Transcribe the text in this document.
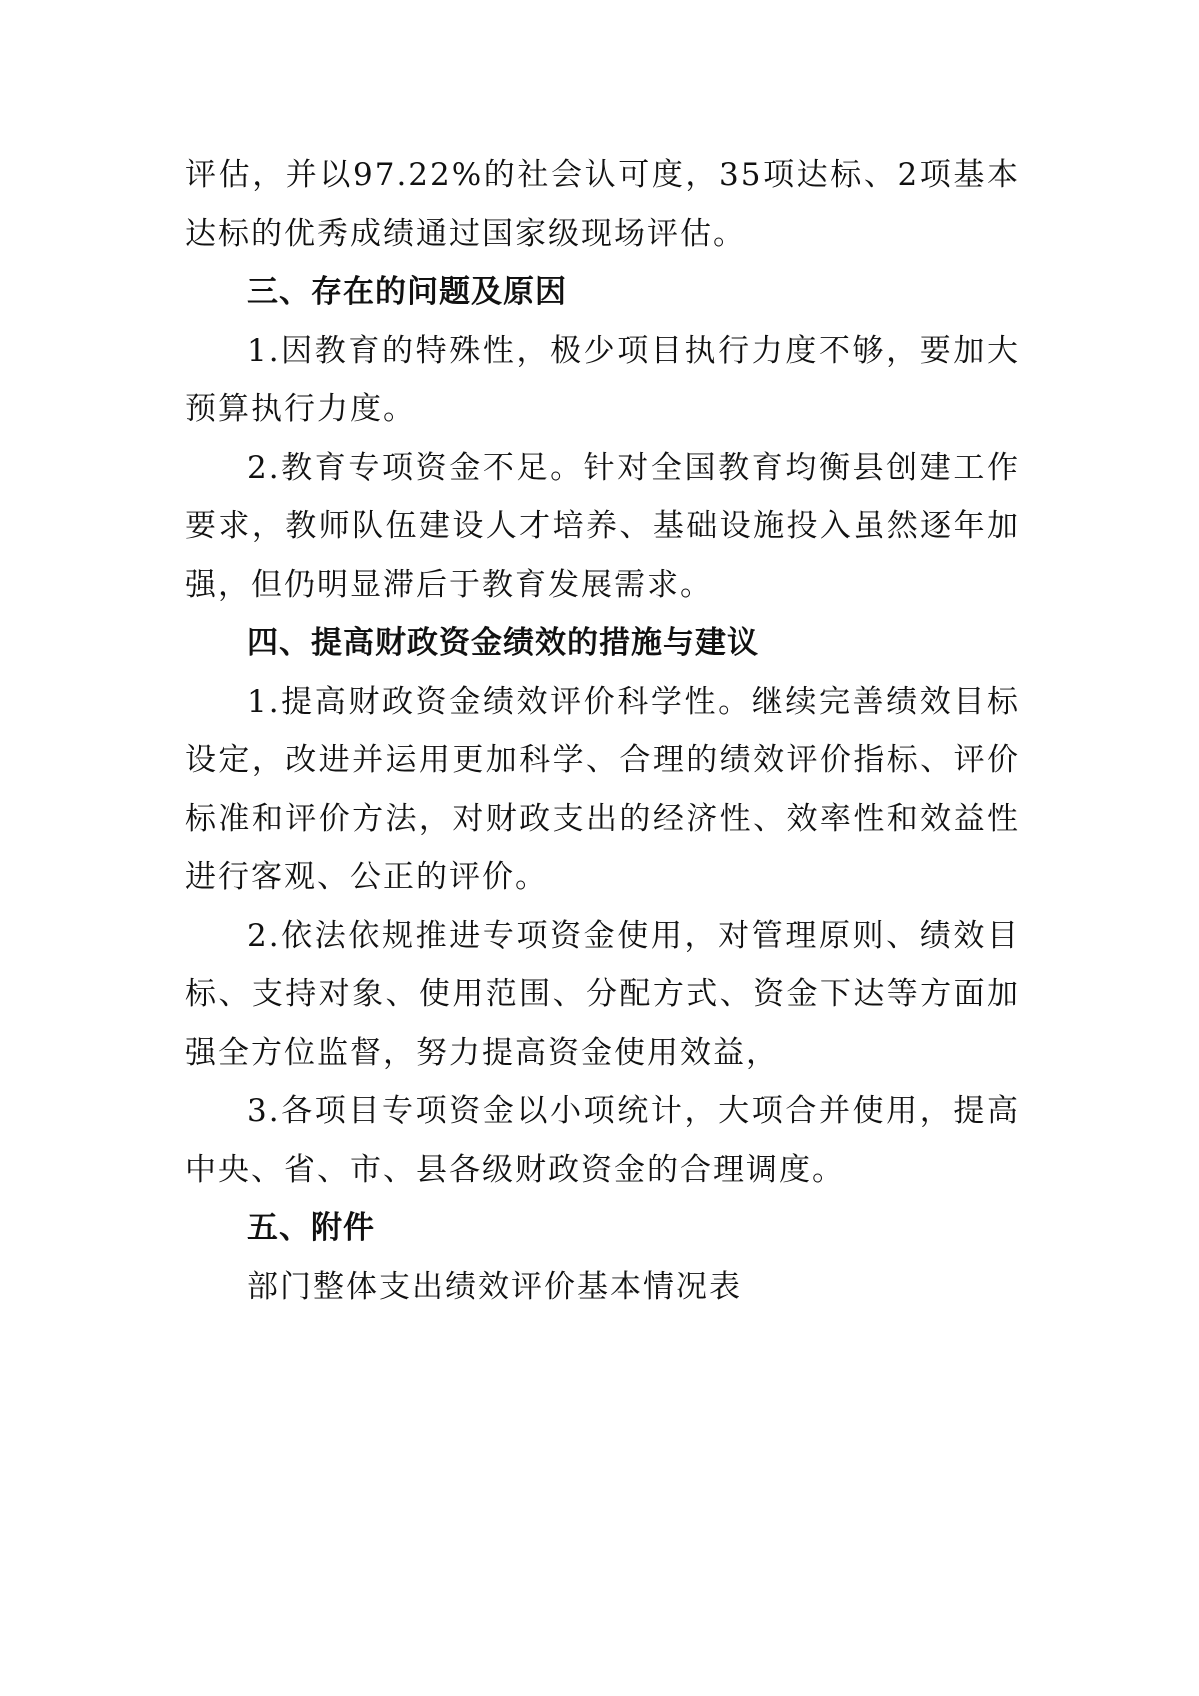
评估，并以97.22%的社会认可度，35项达标、2项基本达标的优秀成绩通过国家级现场评估。

三、存在的问题及原因

1.因教育的特殊性，极少项目执行力度不够，要加大预算执行力度。

2.教育专项资金不足。针对全国教育均衡县创建工作要求，教师队伍建设人才培养、基础设施投入虽然逐年加强，但仍明显滞后于教育发展需求。

四、提高财政资金绩效的措施与建议

1.提高财政资金绩效评价科学性。继续完善绩效目标设定，改进并运用更加科学、合理的绩效评价指标、评价标准和评价方法，对财政支出的经济性、效率性和效益性进行客观、公正的评价。

2.依法依规推进专项资金使用，对管理原则、绩效目标、支持对象、使用范围、分配方式、资金下达等方面加强全方位监督，努力提高资金使用效益，

3.各项目专项资金以小项统计，大项合并使用，提高中央、省、市、县各级财政资金的合理调度。

五、附件

部门整体支出绩效评价基本情况表
